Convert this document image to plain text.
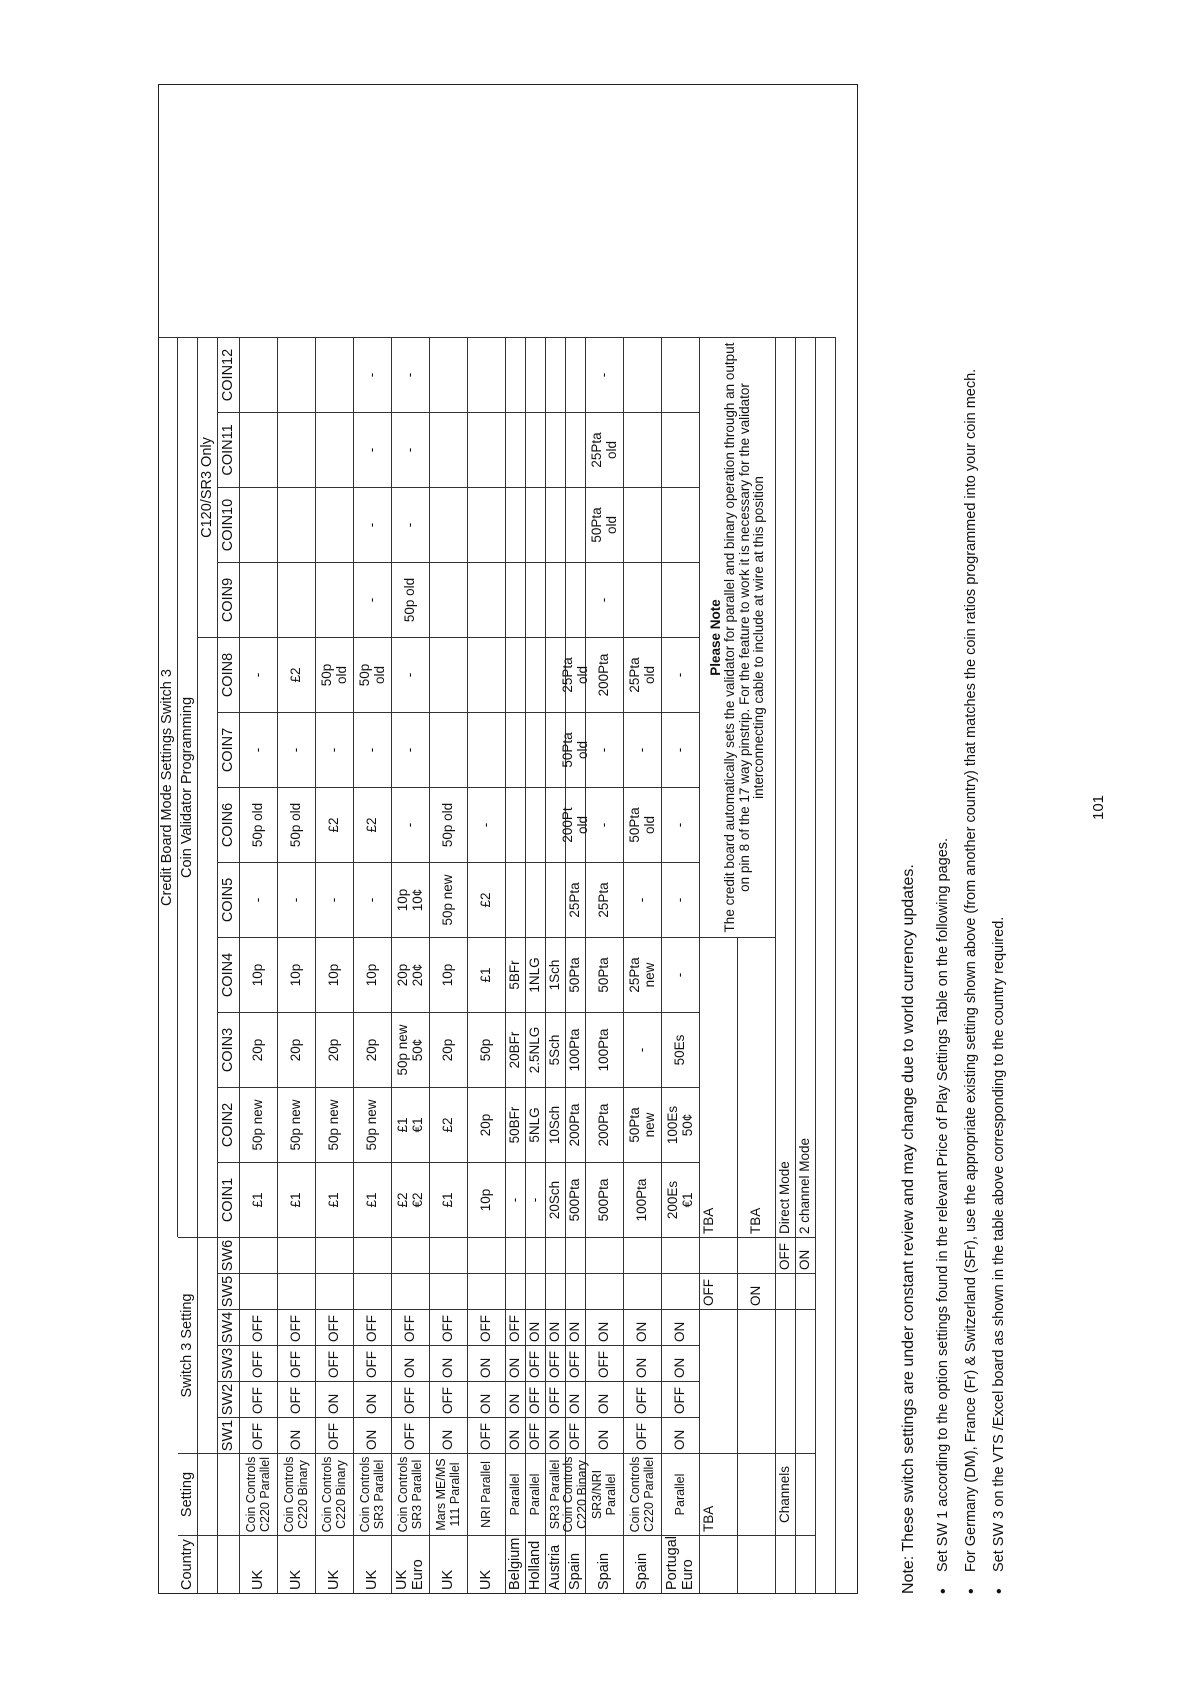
Credit Board Mode Settings Switch 3
Country
Setting
Switch 3 Setting
Coin Validator Programming
C120/SR3 Only
SW1
SW2
SW3
SW4
SW5
SW6
COIN1
COIN2
COIN3
COIN4
COIN5
COIN6
COIN7
COIN8
COIN9
COIN10
COIN11
COIN12
UK
Coin Controls
C220 Parallel
OFF
OFF
OFF
OFF
£1
50p new
20p
10p
-
50p old
-
-
UK
Coin Controls
C220 Binary
ON
OFF
OFF
OFF
£1
50p new
20p
10p
-
50p old
-
£2
UK
Coin Controls
C220 Binary
OFF
ON
OFF
OFF
£1
50p new
20p
10p
-
£2
-
50p
old
UK
Coin Controls
SR3 Parallel
ON
ON
OFF
OFF
£1
50p new
20p
10p
-
£2
-
50p
old
-
-
-
-
UK
Euro
Coin Controls
SR3 Parallel
OFF
OFF
ON
OFF
£2
€2
£1
€1
50p new
50¢
20p
20¢
10p
10¢
-
-
-
50p old
-
-
-
UK
Mars ME/MS
111 Parallel
ON
OFF
ON
OFF
£1
£2
20p
10p
50p new
50p old
UK
NRI Parallel
OFF
ON
ON
OFF
10p
20p
50p
£1
£2
-
Belgium
Parallel
ON
ON
ON
OFF
-
50BFr
20BFr
5BFr
Holland
Parallel
OFF
OFF
OFF
ON
-
5NLG
2.5NLG
1NLG
Austria
SR3 Parallel
ON
OFF
OFF
ON
20Sch
10Sch
5Sch
1Sch
Spain
Coin Controls
C220 Binary
OFF
ON
OFF
ON
500Pta
200Pta
100Pta
50Pta
25Pta
200Pt
old
50Pta
old
25Pta
old
Spain
SR3/NRI
Parallel
ON
ON
OFF
ON
500Pta
200Pta
100Pta
50Pta
25Pta
-
-
200Pta
-
50Pta
old
25Pta
old
-
Spain
Coin Controls
C220 Parallel
OFF
OFF
ON
ON
100Pta
50Pta
new
-
25Pta
new
-
50Pta
old
-
25Pta
old
Portugal
Euro
Parallel
ON
OFF
ON
ON
200Es
€1
100Es
50¢
50Es
-
-
-
-
-
TBA
OFF
TBA
Please Note The credit board automatically sets the validator for parallel and binary operation through an output on pin 8 of the 17 way pinstrip. For the feature to work it is necessary for the validator interconnecting cable to include at wire at this position
ON
TBA
Channels
OFF
Direct Mode
ON
2 channel Mode	Note: These switch settings are under constant review and may change due to world currency updates. • Set SW 1 according to the option settings found in the relevant Price of Play Settings Table on the following pages. • For Germany (DM), France (Fr) & Switzerland (SFr), use the appropriate existing setting shown above (from another country) that matches the coin ratios programmed into your coin mech. • Set SW 3 on the VTS /Excel board as shown in the table above corresponding to the country required.
101
